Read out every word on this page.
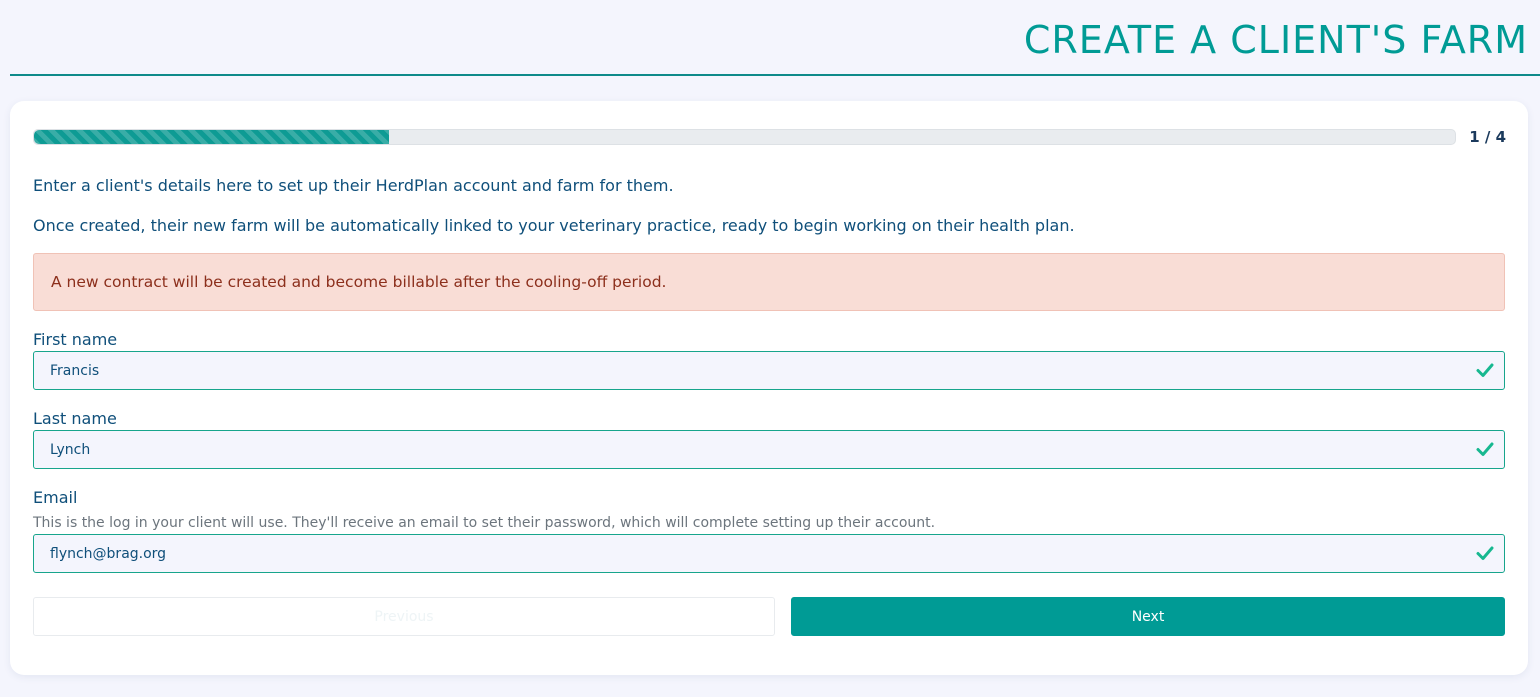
CREATE A CLIENT'S FARM
1 / 4

Enter a client's details here to set up their HerdPlan account and farm for them.

Once created, their new farm will be automatically linked to your veterinary practice, ready to begin working on their health plan.

A new contract will be created and become billable after the cooling-off period.
First name
Francis
Last name
Lynch
Email

This is the log in your client will use. They'll receive an email to set their password, which will complete setting up their account.

flynch@brag.org
Previous	Next
